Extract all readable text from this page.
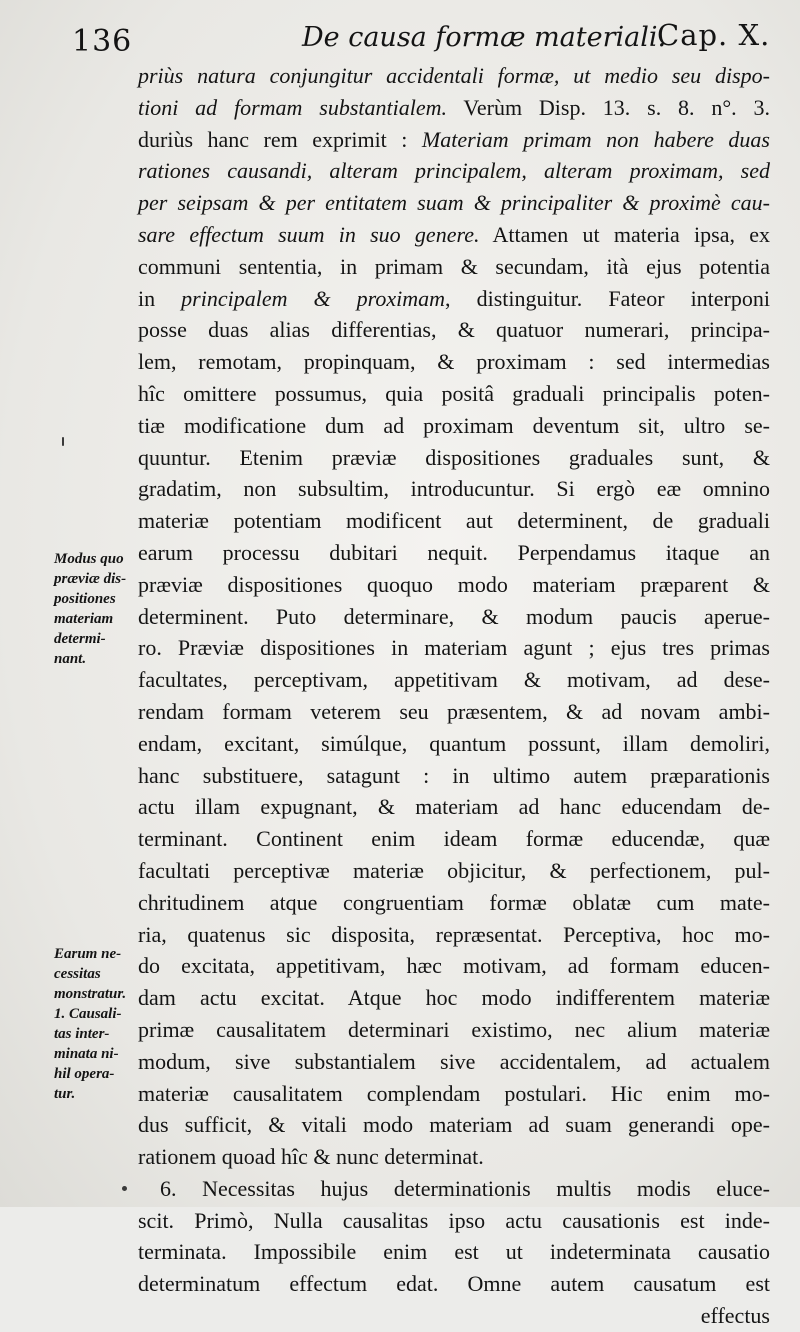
136	De causa formæ materiali.
Cap. X.
priùs natura conjungitur accidentali formæ, ut medio seu dispo-
tioni ad formam substantialem. Verùm Disp. 13. s. 8. n°. 3.
duriùs hanc rem exprimit : Materiam primam non habere duas
rationes causandi, alteram principalem, alteram proximam, sed
per seipsam & per entitatem suam & principaliter & proximè cau-
sare effectum suum in suo genere. Attamen ut materia ipsa, ex
communi sententia, in primam & secundam, ità ejus potentia
in principalem & proximam, distinguitur. Fateor interponi
posse duas alias differentias, & quatuor numerari, principa-
lem, remotam, propinquam, & proximam : sed intermedias
hîc omittere possumus, quia positâ graduali principalis poten-
tiæ modificatione dum ad proximam deventum sit, ultro se-
quuntur. Etenim præviæ dispositiones graduales sunt, &
gradatim, non subsultim, introducuntur. Si ergò eæ omnino
materiæ potentiam modificent aut determinent, de graduali
earum processu dubitari nequit. Perpendamus itaque an
præviæ dispositiones quoquo modo materiam præparent &
determinent. Puto determinare, & modum paucis aperue-
ro. Præviæ dispositiones in materiam agunt ; ejus tres primas
facultates, perceptivam, appetitivam & motivam, ad dese-
rendam formam veterem seu præsentem, & ad novam ambi-
endam, excitant, simúlque, quantum possunt, illam demoliri,
hanc substituere, satagunt : in ultimo autem præparationis
actu illam expugnant, & materiam ad hanc educendam de-
terminant. Continent enim ideam formæ educendæ, quæ
facultati perceptivæ materiæ objicitur, & perfectionem, pul-
chritudinem atque congruentiam formæ oblatæ cum mate-
ria, quatenus sic disposita, repræsentat. Perceptiva, hoc mo-
do excitata, appetitivam, hæc motivam, ad formam educen-
dam actu excitat. Atque hoc modo indifferentem materiæ
primæ causalitatem determinari existimo, nec alium materiæ
modum, sive substantialem sive accidentalem, ad actualem
materiæ causalitatem complendam postulari. Hic enim mo-
dus sufficit, & vitali modo materiam ad suam generandi ope-
rationem quoad hîc & nunc determinat.
6. Necessitas hujus determinationis multis modis eluce-
scit. Primò, Nulla causalitas ipso actu causationis est inde-
terminata. Impossibile enim est ut indeterminata causatio
determinatum effectum edat. Omne autem causatum est
effectus
Modus quo
præviæ dis-
positiones
materiam
determi-
nant.
Earum ne-
cessitas
monstratur.
1. Causali-
tas inter-
minata ni-
hil opera-
tur.
